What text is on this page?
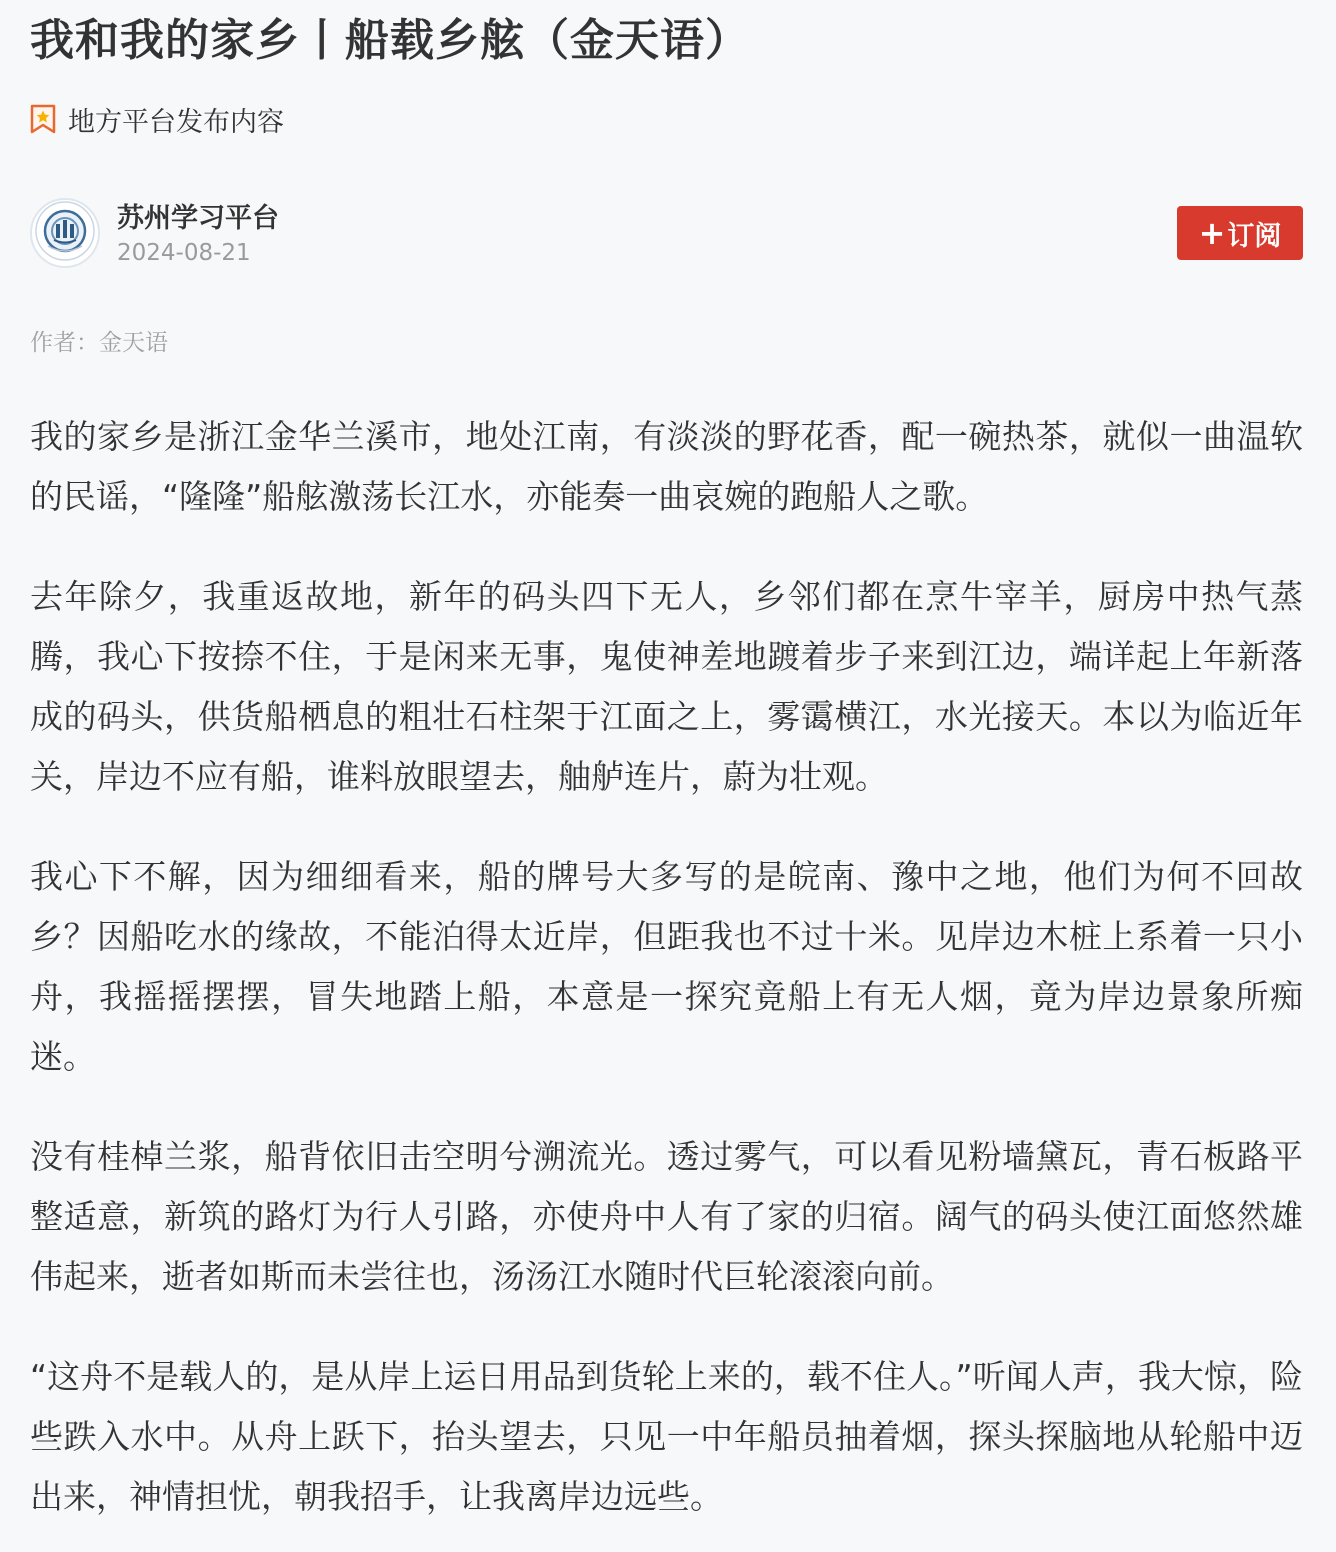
我和我的家乡丨船载乡舷（金天语）
地方平台发布内容
苏州学习平台
2024-08-21
+ 订阅
作者：金天语

我的家乡是浙江金华兰溪市，地处江南，有淡淡的野花香，配一碗热茶，就似一曲温软的民谣，“隆隆”船舷激荡长江水，亦能奏一曲哀婉的跑船人之歌。

去年除夕，我重返故地，新年的码头四下无人，乡邻们都在烹牛宰羊，厨房中热气蒸腾，我心下按捺不住，于是闲来无事，鬼使神差地踱着步子来到江边，端详起上年新落成的码头，供货船栖息的粗壮石柱架于江面之上，雾霭横江，水光接天。本以为临近年关，岸边不应有船，谁料放眼望去，舳舻连片，蔚为壮观。

我心下不解，因为细细看来，船的牌号大多写的是皖南、豫中之地，他们为何不回故乡？因船吃水的缘故，不能泊得太近岸，但距我也不过十米。见岸边木桩上系着一只小舟，我摇摇摆摆，冒失地踏上船，本意是一探究竟船上有无人烟，竟为岸边景象所痴迷。

没有桂棹兰浆，船背依旧击空明兮溯流光。透过雾气，可以看见粉墙黛瓦，青石板路平整适意，新筑的路灯为行人引路，亦使舟中人有了家的归宿。阔气的码头使江面悠然雄伟起来，逝者如斯而未尝往也，汤汤江水随时代巨轮滚滚向前。

“这舟不是载人的，是从岸上运日用品到货轮上来的，载不住人。”听闻人声，我大惊，险些跌入水中。从舟上跃下，抬头望去，只见一中年船员抽着烟，探头探脑地从轮船中迈出来，神情担忧，朝我招手，让我离岸边远些。
